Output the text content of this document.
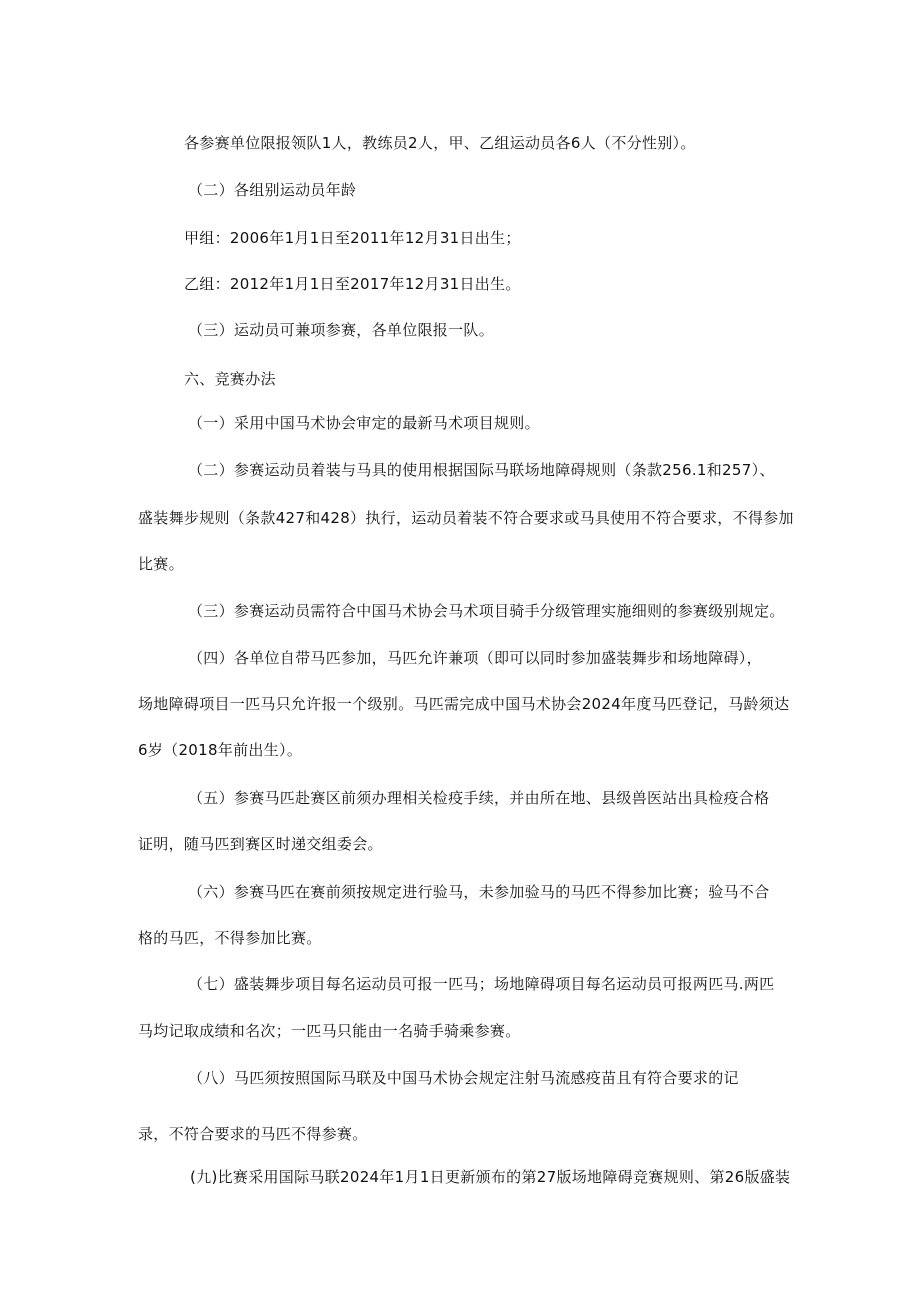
各参赛单位限报领队1人，教练员2人，甲、乙组运动员各6人（不分性别）。
（二）各组别运动员年龄
甲组：2006年1月1日至2011年12月31日出生；
乙组：2012年1月1日至2017年12月31日出生。
（三）运动员可兼项参赛，各单位限报一队。
六、竞赛办法
（一）采用中国马术协会审定的最新马术项目规则。
（二）参赛运动员着装与马具的使用根据国际马联场地障碍规则（条款256.1和257）、
盛装舞步规则（条款427和428）执行，运动员着装不符合要求或马具使用不符合要求，不得参加
比赛。
（三）参赛运动员需符合中国马术协会马术项目骑手分级管理实施细则的参赛级别规定。
（四）各单位自带马匹参加，马匹允许兼项（即可以同时参加盛装舞步和场地障碍），
场地障碍项目一匹马只允许报一个级别。马匹需完成中国马术协会2024年度马匹登记，马龄须达
6岁（2018年前出生）。
（五）参赛马匹赴赛区前须办理相关检疫手续，并由所在地、县级兽医站出具检疫合格
证明，随马匹到赛区时递交组委会。
（六）参赛马匹在赛前须按规定进行验马，未参加验马的马匹不得参加比赛；验马不合
格的马匹，不得参加比赛。
（七）盛装舞步项目每名运动员可报一匹马；场地障碍项目每名运动员可报两匹马.两匹
马均记取成绩和名次；一匹马只能由一名骑手骑乘参赛。
（八）马匹须按照国际马联及中国马术协会规定注射马流感疫苗且有符合要求的记
录，不符合要求的马匹不得参赛。
(九)比赛采用国际马联2024年1月1日更新颁布的第27版场地障碍竞赛规则、第26版盛装
